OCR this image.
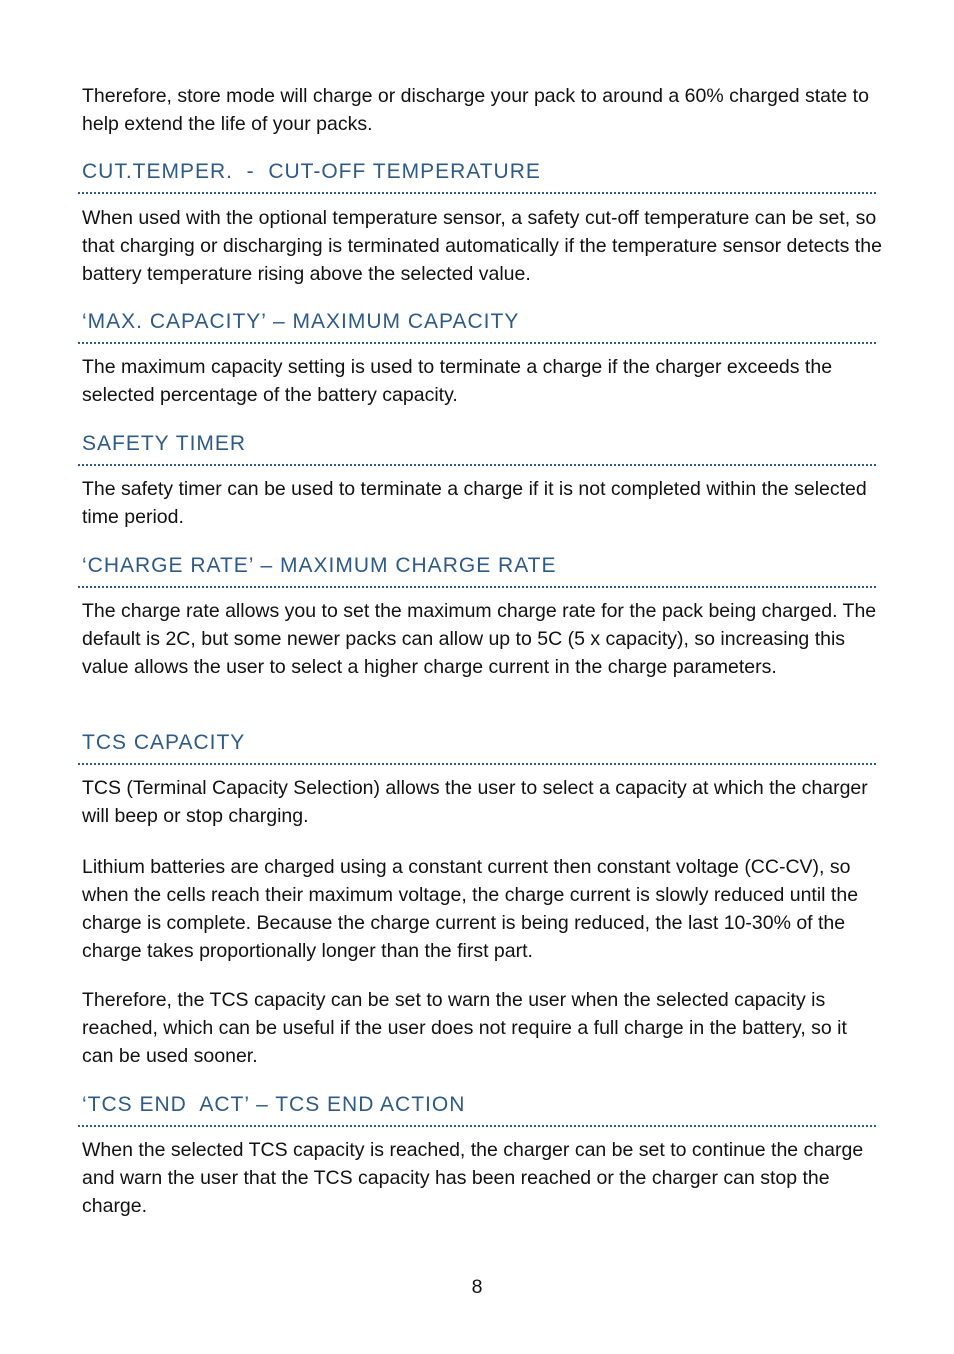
Therefore, store mode will charge or discharge your pack to around a 60% charged state to help extend the life of your packs.

CUT.TEMPER.  -  CUT-OFF TEMPERATURE

When used with the optional temperature sensor, a safety cut-off temperature can be set, so that charging or discharging is terminated automatically if the temperature sensor detects the battery temperature rising above the selected value.

‘MAX. CAPACITY’ – MAXIMUM CAPACITY

The maximum capacity setting is used to terminate a charge if the charger exceeds the selected percentage of the battery capacity.

SAFETY TIMER

The safety timer can be used to terminate a charge if it is not completed within the selected time period.

‘CHARGE RATE’ – MAXIMUM CHARGE RATE

The charge rate allows you to set the maximum charge rate for the pack being charged. The default is 2C, but some newer packs can allow up to 5C (5 x capacity), so increasing this value allows the user to select a higher charge current in the charge parameters.

TCS CAPACITY

TCS (Terminal Capacity Selection) allows the user to select a capacity at which the charger will beep or stop charging.

Lithium batteries are charged using a constant current then constant voltage (CC-CV), so when the cells reach their maximum voltage, the charge current is slowly reduced until the charge is complete. Because the charge current is being reduced, the last 10-30% of the charge takes proportionally longer than the first part.

Therefore, the TCS capacity can be set to warn the user when the selected capacity is reached, which can be useful if the user does not require a full charge in the battery, so it can be used sooner.

‘TCS END  ACT’ – TCS END ACTION

When the selected TCS capacity is reached, the charger can be set to continue the charge and warn the user that the TCS capacity has been reached or the charger can stop the charge.

8
